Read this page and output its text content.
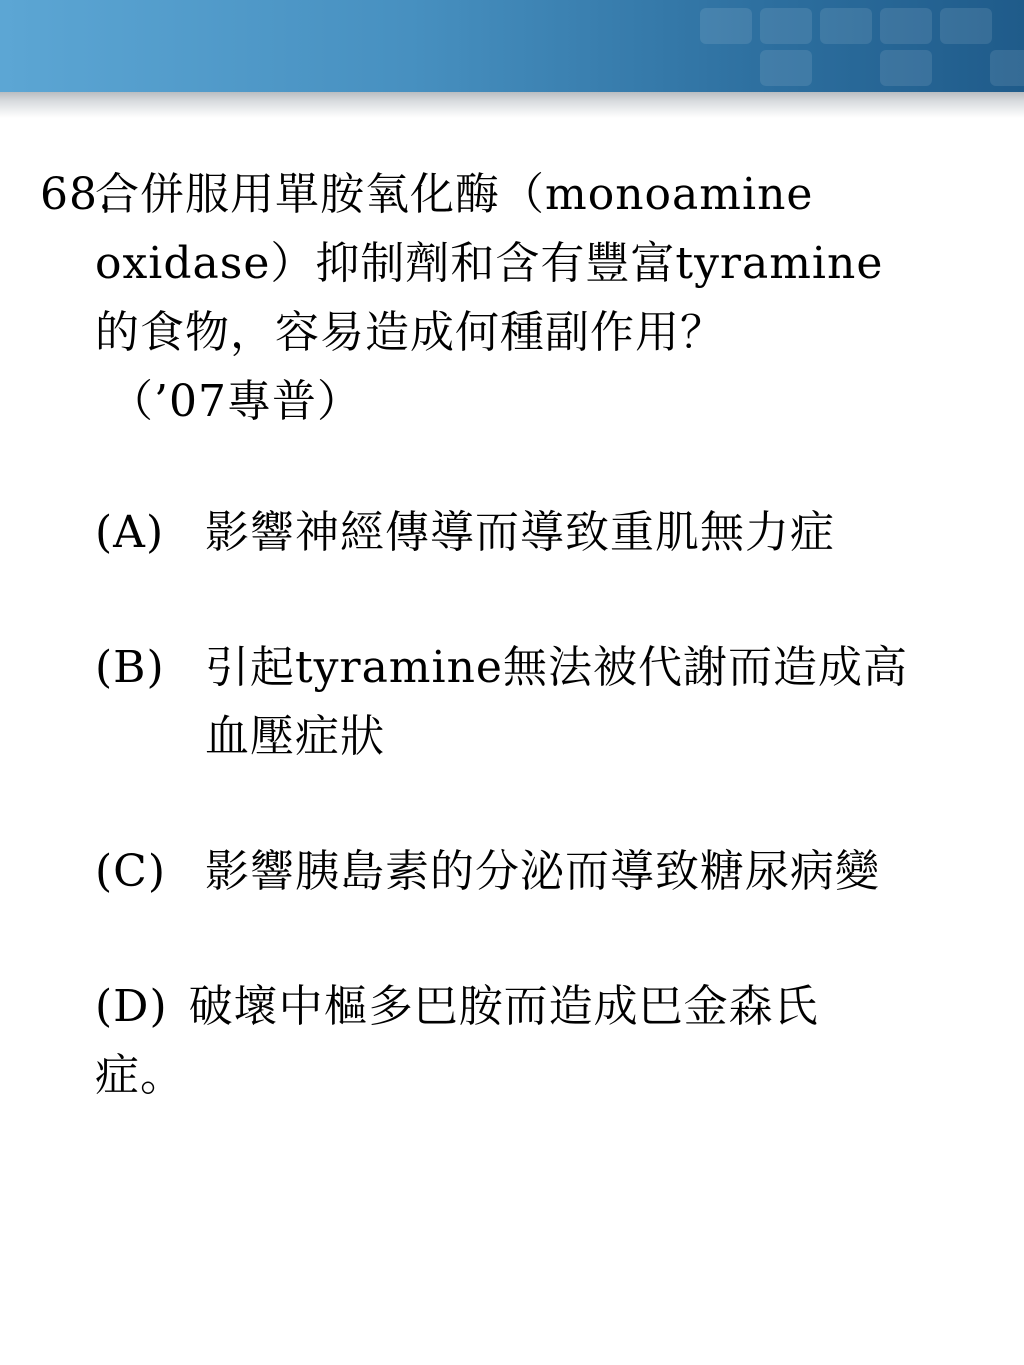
68.
合併服用單胺氧化酶（monoamine
oxidase）抑制劑和含有豐富tyramine
的食物，容易造成何種副作用？
（’07專普）
(A) 影響神經傳導而導致重肌無力症
(B) 引起tyramine無法被代謝而造成高
血壓症狀
(C) 影響胰島素的分泌而導致糖尿病變
(D) 破壞中樞多巴胺而造成巴金森氏
症。
